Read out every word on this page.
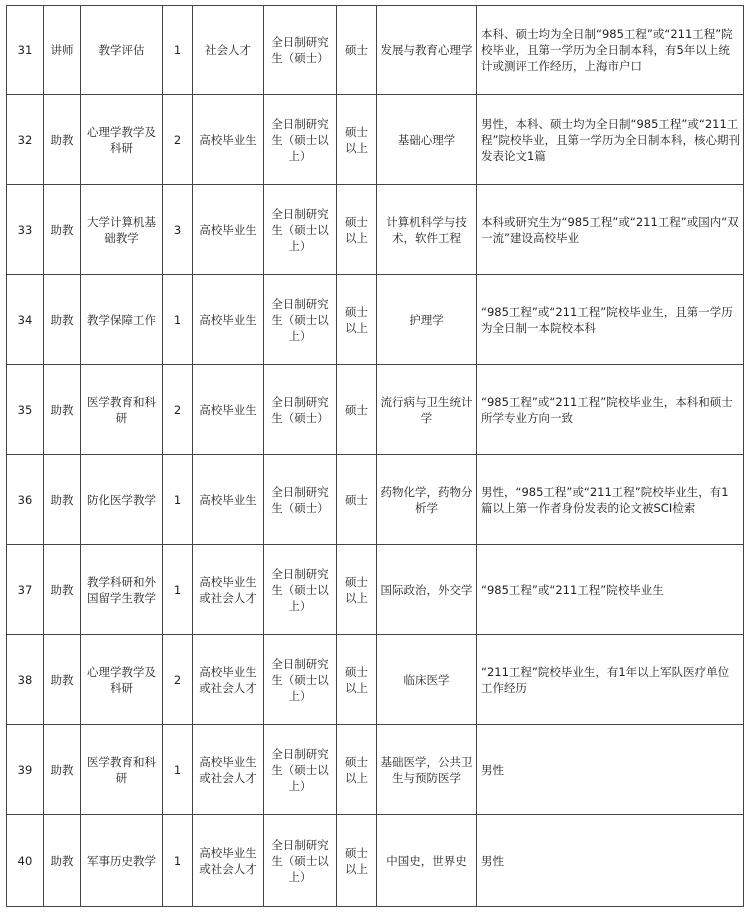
31	讲师	教学评估	1	社会人才	全日制研究生（硕士）	硕士	发展与教育心理学	本科、硕士均为全日制“985工程”或“211工程”院校毕业，且第一学历为全日制本科，有5年以上统计或测评工作经历，上海市户口
32	助教	心理学教学及科研	2	高校毕业生	全日制研究生（硕士以上）	硕士以上	基础心理学	男性，本科、硕士均为全日制“985工程”或“211工程”院校毕业，且第一学历为全日制本科，核心期刊发表论文1篇
33	助教	大学计算机基础教学	3	高校毕业生	全日制研究生（硕士以上）	硕士以上	计算机科学与技术，软件工程	本科或研究生为“985工程”或“211工程”或国内“双一流”建设高校毕业
34	助教	教学保障工作	1	高校毕业生	全日制研究生（硕士以上）	硕士以上	护理学	“985工程”或“211工程”院校毕业生，且第一学历为全日制一本院校本科
35	助教	医学教育和科研	2	高校毕业生	全日制研究生（硕士）	硕士	流行病与卫生统计学	“985工程”或“211工程”院校毕业生，本科和硕士所学专业方向一致
36	助教	防化医学教学	1	高校毕业生	全日制研究生（硕士）	硕士	药物化学，药物分析学	男性，“985工程”或“211工程”院校毕业生，有1篇以上第一作者身份发表的论文被SCI检索
37	助教	教学科研和外国留学生教学	1	高校毕业生或社会人才	全日制研究生（硕士以上）	硕士以上	国际政治，外交学	“985工程”或“211工程”院校毕业生
38	助教	心理学教学及科研	2	高校毕业生或社会人才	全日制研究生（硕士以上）	硕士以上	临床医学	“211工程”院校毕业生，有1年以上军队医疗单位工作经历
39	助教	医学教育和科研	1	高校毕业生或社会人才	全日制研究生（硕士以上）	硕士以上	基础医学，公共卫生与预防医学	男性
40	助教	军事历史教学	1	高校毕业生或社会人才	全日制研究生（硕士以上）	硕士以上	中国史，世界史	男性
